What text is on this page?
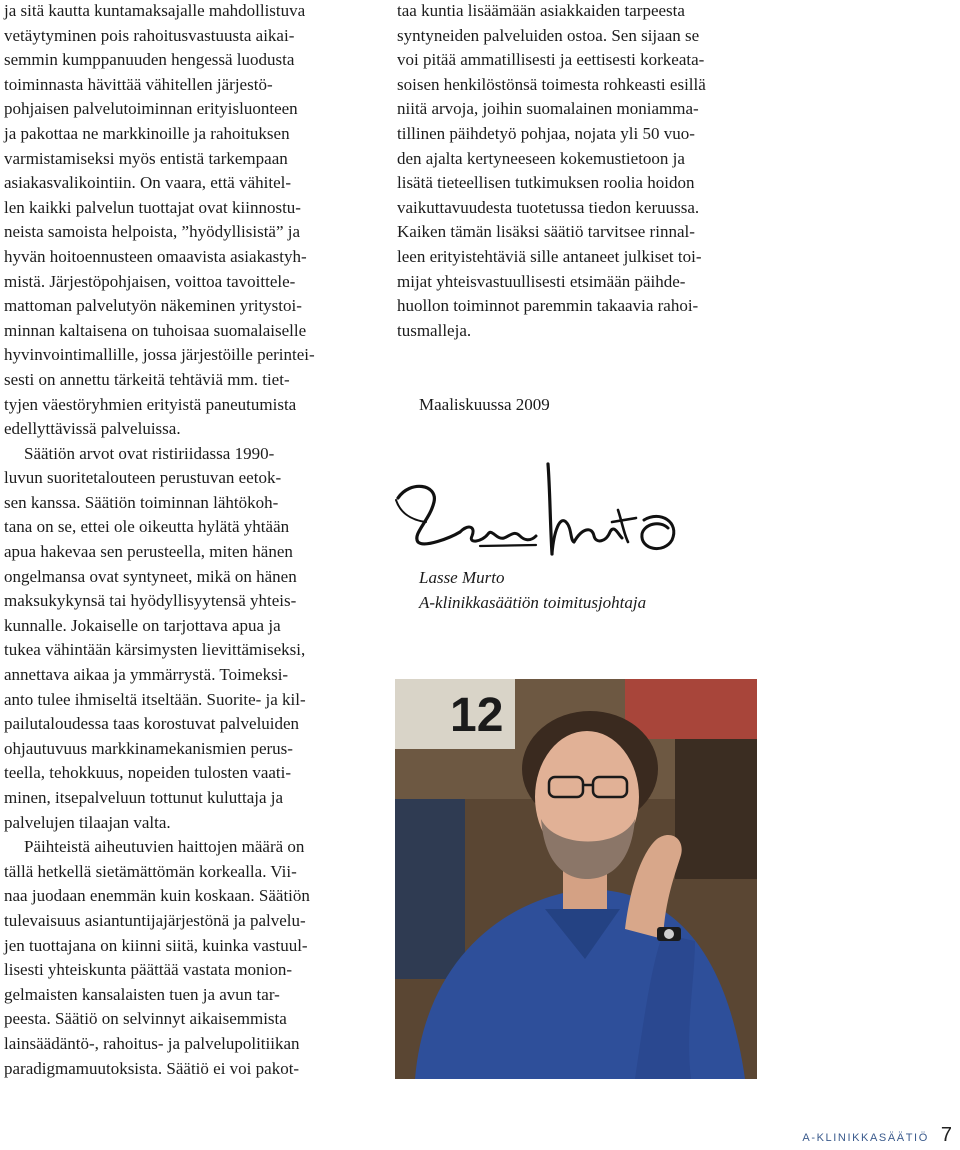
ja sitä kautta kuntamaksajalle mahdollistuva
vetäytyminen pois rahoitusvastuusta aikai-
semmin kumppanuuden hengessä luodusta
toiminnasta hävittää vähitellen järjestö-
pohjaisen palvelutoiminnan erityisluonteen
ja pakottaa ne markkinoille ja rahoituksen
varmistamiseksi myös entistä tarkempaan
asiakasvalikointiin. On vaara, että vähitel-
len kaikki palvelun tuottajat ovat kiinnostu-
neista samoista helpoista, ”hyödyllisistä” ja
hyvän hoitoennusteen omaavista asiakastyh-
mistä. Järjestöpohjaisen, voittoa tavoittele-
mattoman palvelutyön näkeminen yritystoi-
minnan kaltaisena on tuhoisaa suomalaiselle
hyvinvointimallille, jossa järjestöille perintei-
sesti on annettu tärkeitä tehtäviä mm. tiet-
tyjen väestöryhmien erityistä paneutumista
edellyttävissä palveluissa.
Säätiön arvot ovat ristiriidassa 1990-
luvun suoritetalouteen perustuvan eetok-
sen kanssa. Säätiön toiminnan lähtökoh-
tana on se, ettei ole oikeutta hylätä yhtään
apua hakevaa sen perusteella, miten hänen
ongelmansa ovat syntyneet, mikä on hänen
maksukykynsä tai hyödyllisyytensä yhteis-
kunnalle. Jokaiselle on tarjottava apua ja
tukea vähintään kärsimysten lievittämiseksi,
annettava aikaa ja ymmärrystä. Toimeksi-
anto tulee ihmiseltä itseltään. Suorite- ja kil-
pailutaloudessa taas korostuvat palveluiden
ohjautuvuus markkinamekanismien perus-
teella, tehokkuus, nopeiden tulosten vaati-
minen, itsepalveluun tottunut kuluttaja ja
palvelujen tilaajan valta.
Päihteistä aiheutuvien haittojen määrä on
tällä hetkellä sietämättömän korkealla. Vii-
naa juodaan enemmän kuin koskaan. Säätiön
tulevaisuus asiantuntijajärjestönä ja palvelu-
jen tuottajana on kiinni siitä, kuinka vastuul-
lisesti yhteiskunta päättää vastata monion-
gelmaisten kansalaisten tuen ja avun tar-
peesta. Säätiö on selvinnyt aikaisemmista
lainsäädäntö-, rahoitus- ja palvelupolitiikan
paradigmamuutoksista. Säätiö ei voi pakot-
taa kuntia lisäämään asiakkaiden tarpeesta
syntyneiden palveluiden ostoa. Sen sijaan se
voi pitää ammatillisesti ja eettisesti korkeata-
soisen henkilöstönsä toimesta rohkeasti esillä
niitä arvoja, joihin suomalainen moniamma-
tillinen päihdetyö pohjaa, nojata yli 50 vuo-
den ajalta kertyneeseen kokemustietoon ja
lisätä tieteellisen tutkimuksen roolia hoidon
vaikuttavuudesta tuotetussa tiedon keruussa.
Kaiken tämän lisäksi säätiö tarvitsee rinnal-
leen erityistehtäviä sille antaneet julkiset toi-
mijat yhteisvastuullisesti etsimään päihde-
huollon toiminnot paremmin takaavia rahoi-
tusmalleja.
Maaliskuussa 2009
Lasse Murto
A-klinikkasäätiön toimitusjohtaja
12
A-KLINIKKASÄÄTIÖ 7
